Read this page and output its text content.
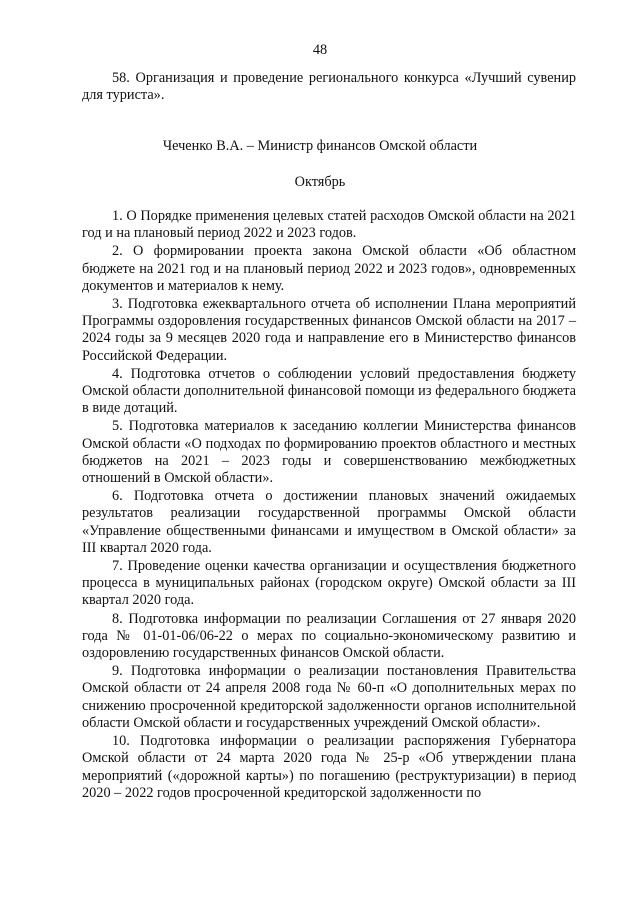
48

58. Организация и проведение регионального конкурса «Лучший сувенир для туриста».

Чеченко В.А. – Министр финансов Омской области

Октябрь

1. О Порядке применения целевых статей расходов Омской области на 2021 год и на плановый период 2022 и 2023 годов.

2. О формировании проекта закона Омской области «Об областном бюджете на 2021 год и на плановый период 2022 и 2023 годов», одновременных документов и материалов к нему.

3. Подготовка ежеквартального отчета об исполнении Плана мероприятий Программы оздоровления государственных финансов Омской области на 2017 – 2024 годы за 9 месяцев 2020 года и направление его в Министерство финансов Российской Федерации.

4. Подготовка отчетов о соблюдении условий предоставления бюджету Омской области дополнительной финансовой помощи из федерального бюджета в виде дотаций.

5. Подготовка материалов к заседанию коллегии Министерства финансов Омской области «О подходах по формированию проектов областного и местных бюджетов на 2021 – 2023 годы и совершенствованию межбюджетных отношений в Омской области».

6. Подготовка отчета о достижении плановых значений ожидаемых результатов реализации государственной программы Омской области «Управление общественными финансами и имуществом в Омской области» за III квартал 2020 года.

7. Проведение оценки качества организации и осуществления бюджетного процесса в муниципальных районах (городском округе) Омской области за III квартал 2020 года.

8. Подготовка информации по реализации Соглашения от 27 января 2020 года № 01-01-06/06-22 о мерах по социально-экономическому развитию и оздоровлению государственных финансов Омской области.

9. Подготовка информации о реализации постановления Правительства Омской области от 24 апреля 2008 года № 60-п «О дополнительных мерах по снижению просроченной кредиторской задолженности органов исполнительной области Омской области и государственных учреждений Омской области».

10. Подготовка информации о реализации распоряжения Губернатора Омской области от 24 марта 2020 года № 25-р «Об утверждении плана мероприятий («дорожной карты») по погашению (реструктуризации) в период 2020 – 2022 годов просроченной кредиторской задолженности по
